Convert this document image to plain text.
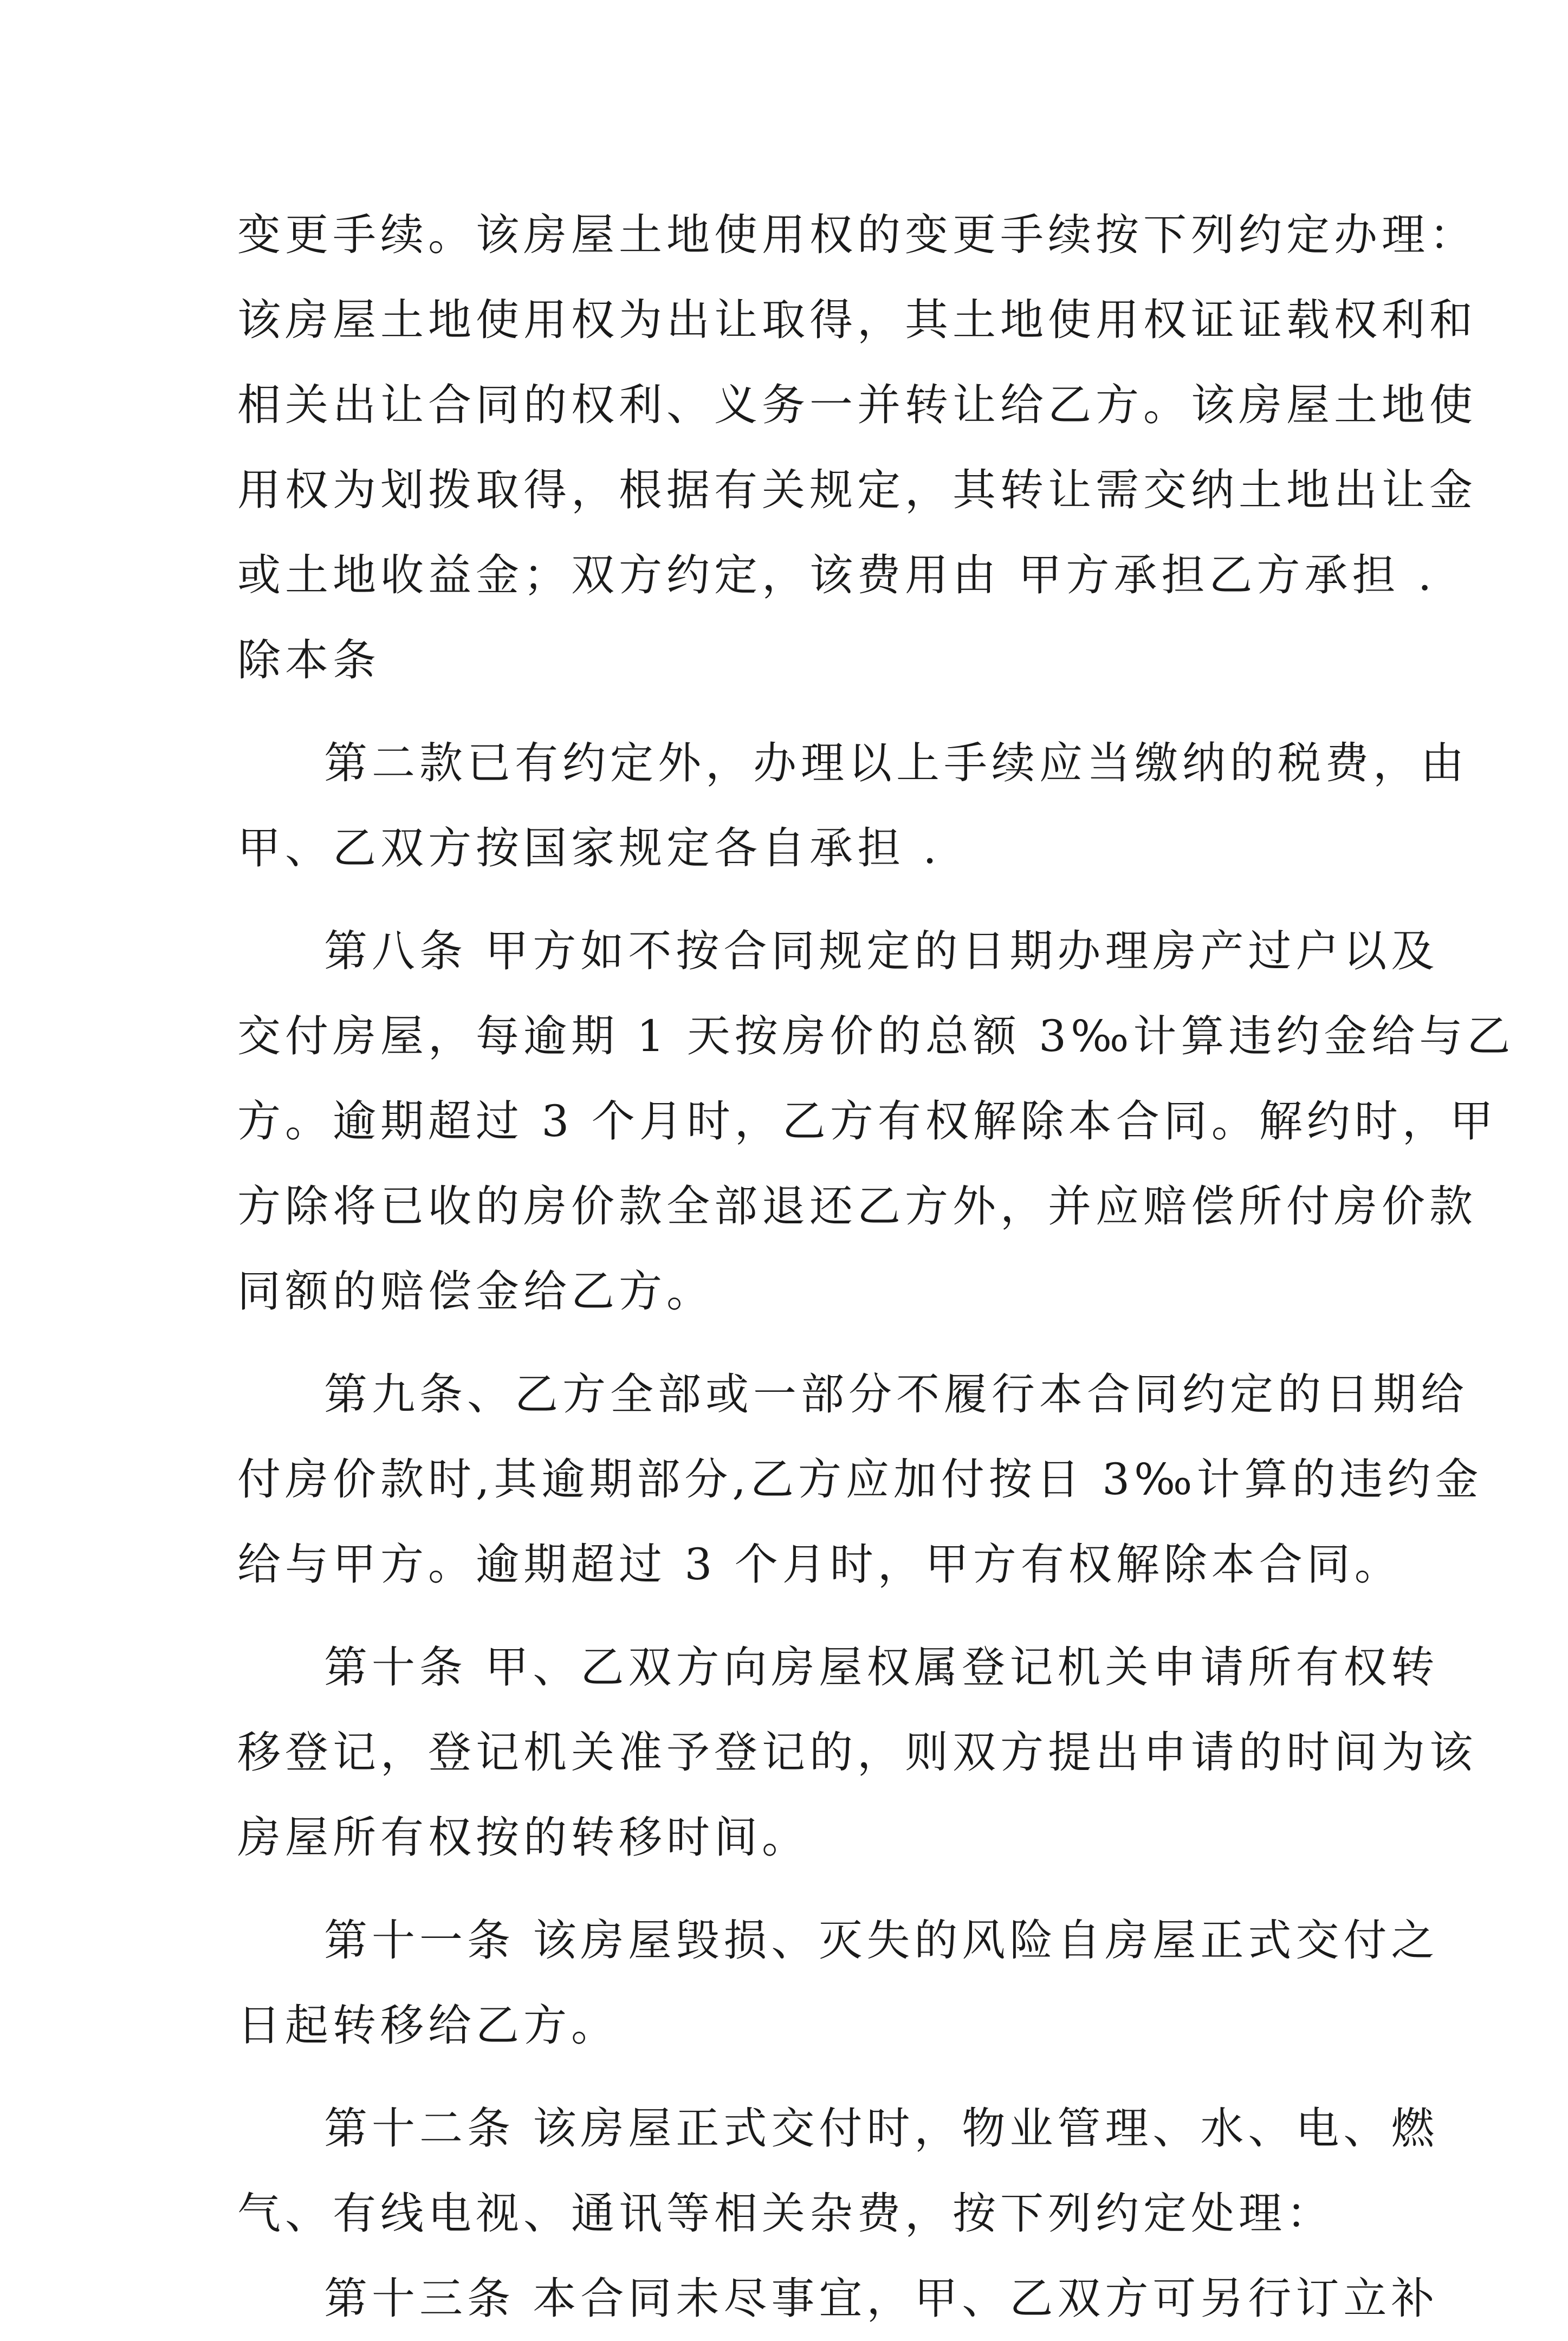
变更手续。该房屋土地使用权的变更手续按下列约定办理：
该房屋土地使用权为出让取得，其土地使用权证证载权利和
相关出让合同的权利、义务一并转让给乙方。该房屋土地使
用权为划拨取得，根据有关规定，其转让需交纳土地出让金
或土地收益金；双方约定，该费用由 甲方承担乙方承担 .
除本条
第二款已有约定外，办理以上手续应当缴纳的税费，由
甲、乙双方按国家规定各自承担 .
第八条 甲方如不按合同规定的日期办理房产过户以及
交付房屋，每逾期 1 天按房价的总额 3‰计算违约金给与乙
方。逾期超过 3 个月时，乙方有权解除本合同。解约时，甲
方除将已收的房价款全部退还乙方外，并应赔偿所付房价款
同额的赔偿金给乙方。
第九条、乙方全部或一部分不履行本合同约定的日期给
付房价款时,其逾期部分,乙方应加付按日 3‰计算的违约金
给与甲方。逾期超过 3 个月时，甲方有权解除本合同。
第十条 甲、乙双方向房屋权属登记机关申请所有权转
移登记，登记机关准予登记的，则双方提出申请的时间为该
房屋所有权按的转移时间。
第十一条 该房屋毁损、灭失的风险自房屋正式交付之
日起转移给乙方。
第十二条 该房屋正式交付时，物业管理、水、电、燃
气、有线电视、通讯等相关杂费，按下列约定处理：
第十三条 本合同未尽事宜，甲、乙双方可另行订立补
